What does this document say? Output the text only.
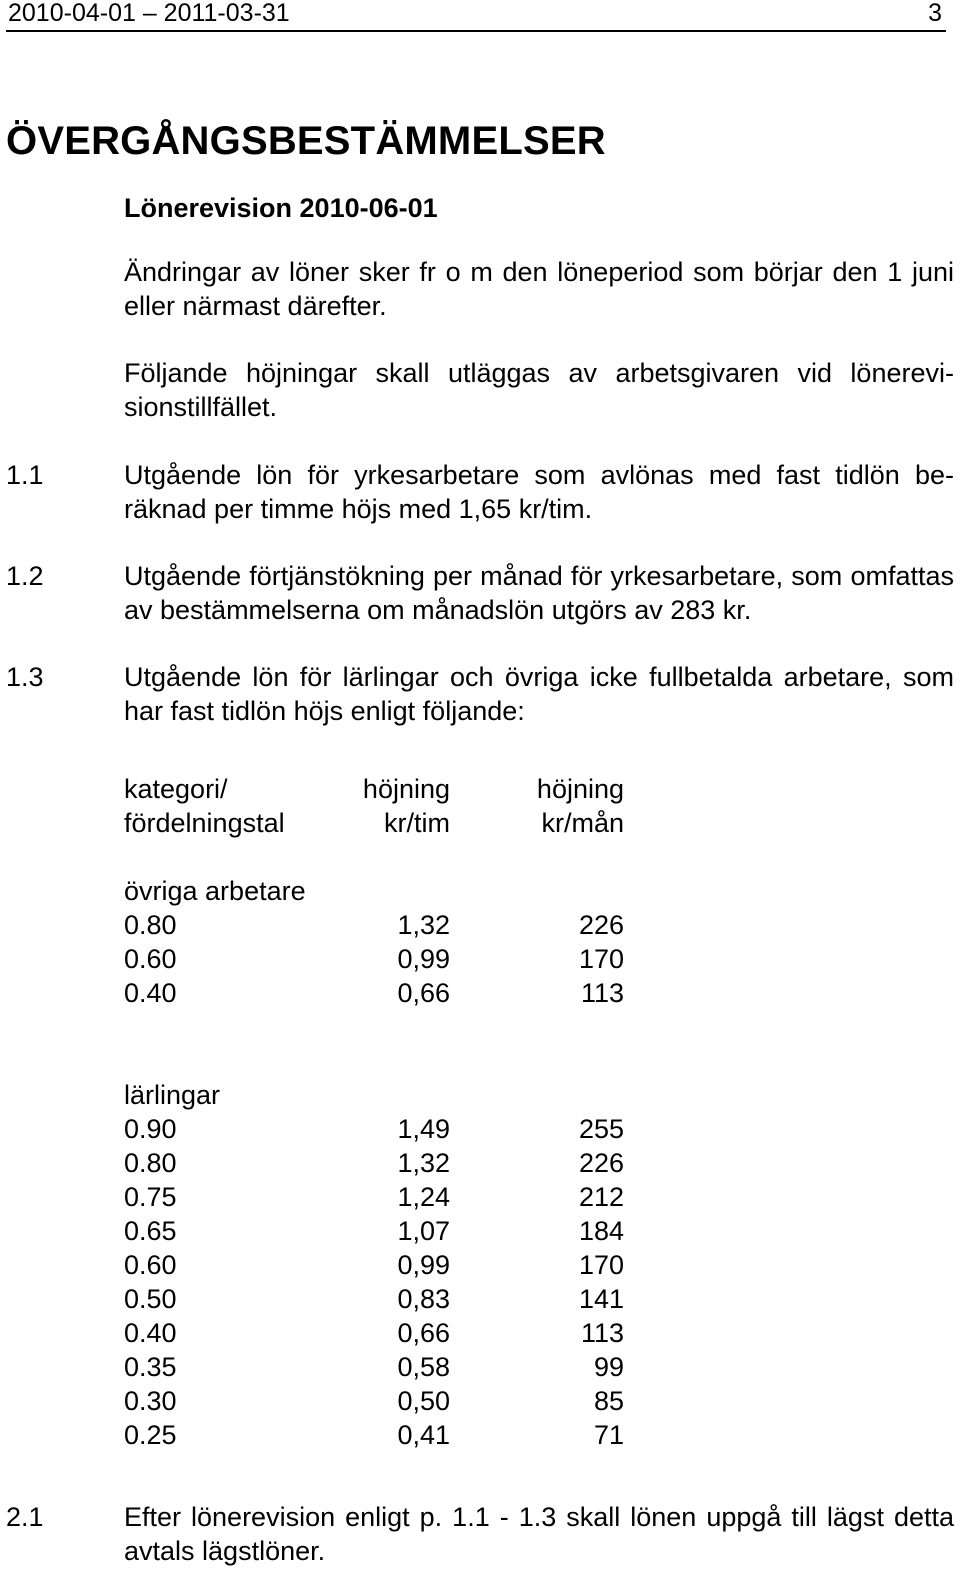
2010-04-01 – 2011-03-31	3
ÖVERGÅNGSBESTÄMMELSER
Lönerevision 2010-06-01
Ändringar av löner sker fr o m den löneperiod som börjar den 1 juni eller närmast därefter.
Följande höjningar skall utläggas av arbetsgivaren vid lönerevisionstillfället.
1.1	Utgående lön för yrkesarbetare som avlönas med fast tidlön beräknad per timme höjs med 1,65 kr/tim.
1.2	Utgående förtjänstökning per månad för yrkesarbetare, som omfattas av bestämmelserna om månadslön utgörs av 283 kr.
1.3	Utgående lön för lärlingar och övriga icke fullbetalda arbetare, som har fast tidlön höjs enligt följande:
kategori/	höjning	höjning
fördelningstal	kr/tim	kr/mån
övriga arbetare
0.80	1,32	226
0.60	0,99	170
0.40	0,66	113
lärlingar
0.90	1,49	255
0.80	1,32	226
0.75	1,24	212
0.65	1,07	184
0.60	0,99	170
0.50	0,83	141
0.40	0,66	113
0.35	0,58	99
0.30	0,50	85
0.25	0,41	71
2.1	Efter lönerevision enligt p. 1.1 - 1.3 skall lönen uppgå till lägst detta avtals lägstlöner.
